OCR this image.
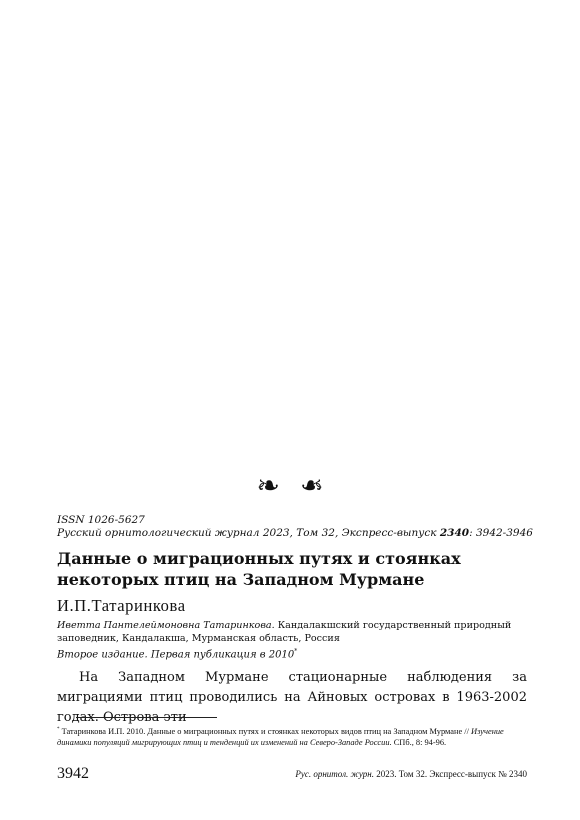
❧❧
ISSN 1026-5627
Русский орнитологический журнал 2023, Том 32, Экспресс-выпуск 2340: 3942-3946
Данные о миграционных путях и стоянках некоторых птиц на Западном Мурмане
И.П.Татаринкова
Иветта Пантелеймоновна Татаринкова. Кандалакшский государственный природный заповедник, Кандалакша, Мурманская область, Россия
Второе издание. Первая публикация в 2010*
На Западном Мурмане стационарные наблюдения за миграциями птиц проводились на Айновых островах в 1963-2002 годах. Острова эти
* Татаринкова И.П. 2010. Данные о миграционных путях и стоянках некоторых видов птиц на Западном Мурмане // Изучение динамики популяций мигрирующих птиц и тенденций их изменений на Северо-Западе России. СПб., 8: 94-96.
3942	Рус. орнитол. журн. 2023. Том 32. Экспресс-выпуск № 2340
